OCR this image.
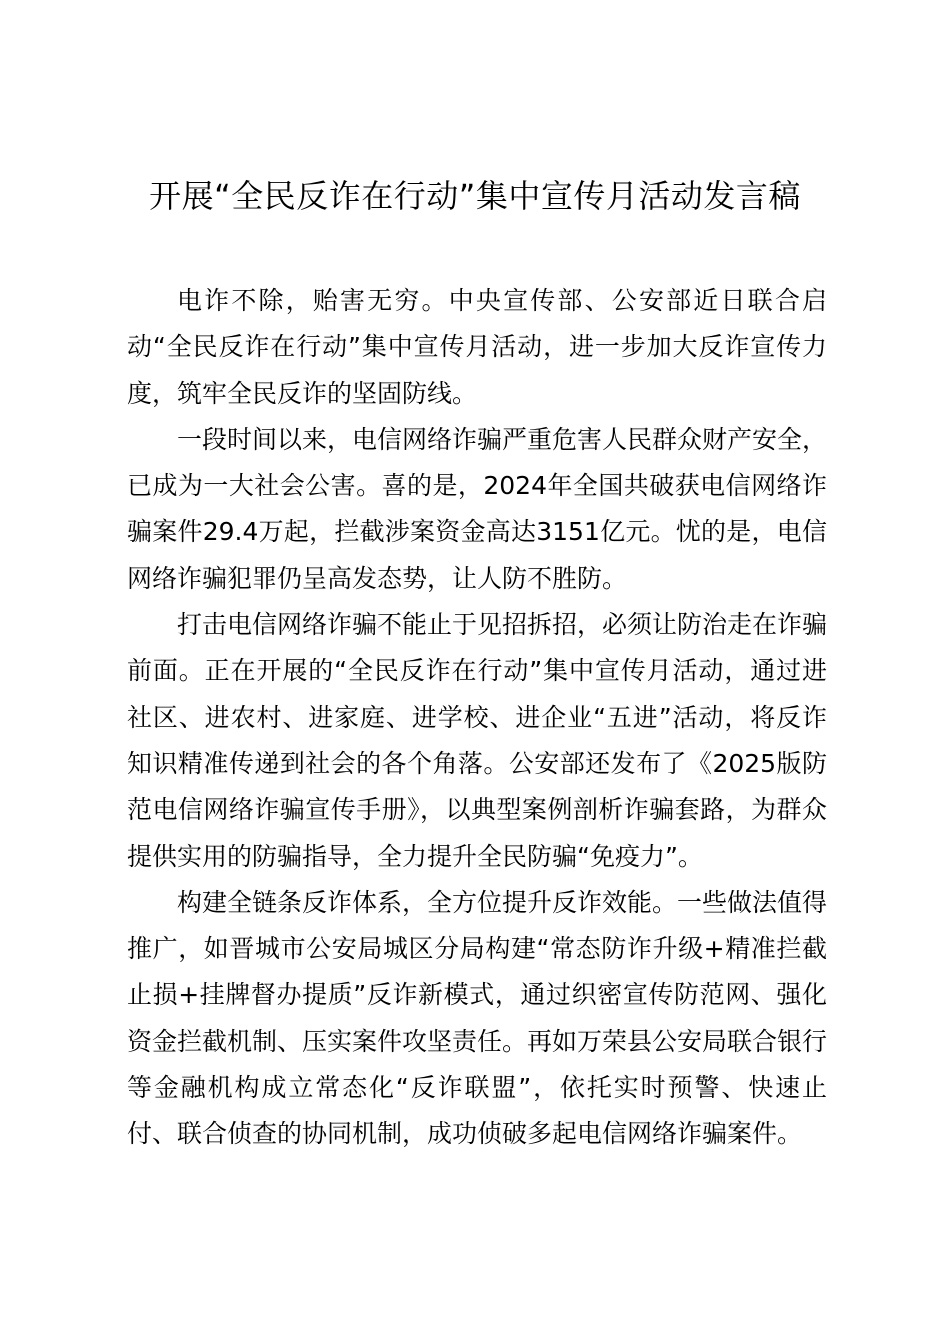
开展“全民反诈在行动”集中宣传月活动发言稿

电诈不除，贻害无穷。中央宣传部、公安部近日联合启动“全民反诈在行动”集中宣传月活动，进一步加大反诈宣传力度，筑牢全民反诈的坚固防线。

一段时间以来，电信网络诈骗严重危害人民群众财产安全，已成为一大社会公害。喜的是，2024年全国共破获电信网络诈骗案件29.4万起，拦截涉案资金高达3151亿元。忧的是，电信网络诈骗犯罪仍呈高发态势，让人防不胜防。

打击电信网络诈骗不能止于见招拆招，必须让防治走在诈骗前面。正在开展的“全民反诈在行动”集中宣传月活动，通过进社区、进农村、进家庭、进学校、进企业“五进”活动，将反诈知识精准传递到社会的各个角落。公安部还发布了《2025版防范电信网络诈骗宣传手册》，以典型案例剖析诈骗套路，为群众提供实用的防骗指导，全力提升全民防骗“免疫力”。

构建全链条反诈体系，全方位提升反诈效能。一些做法值得推广，如晋城市公安局城区分局构建“常态防诈升级+精准拦截止损+挂牌督办提质”反诈新模式，通过织密宣传防范网、强化资金拦截机制、压实案件攻坚责任。再如万荣县公安局联合银行等金融机构成立常态化“反诈联盟”，依托实时预警、快速止付、联合侦查的协同机制，成功侦破多起电信网络诈骗案件。
